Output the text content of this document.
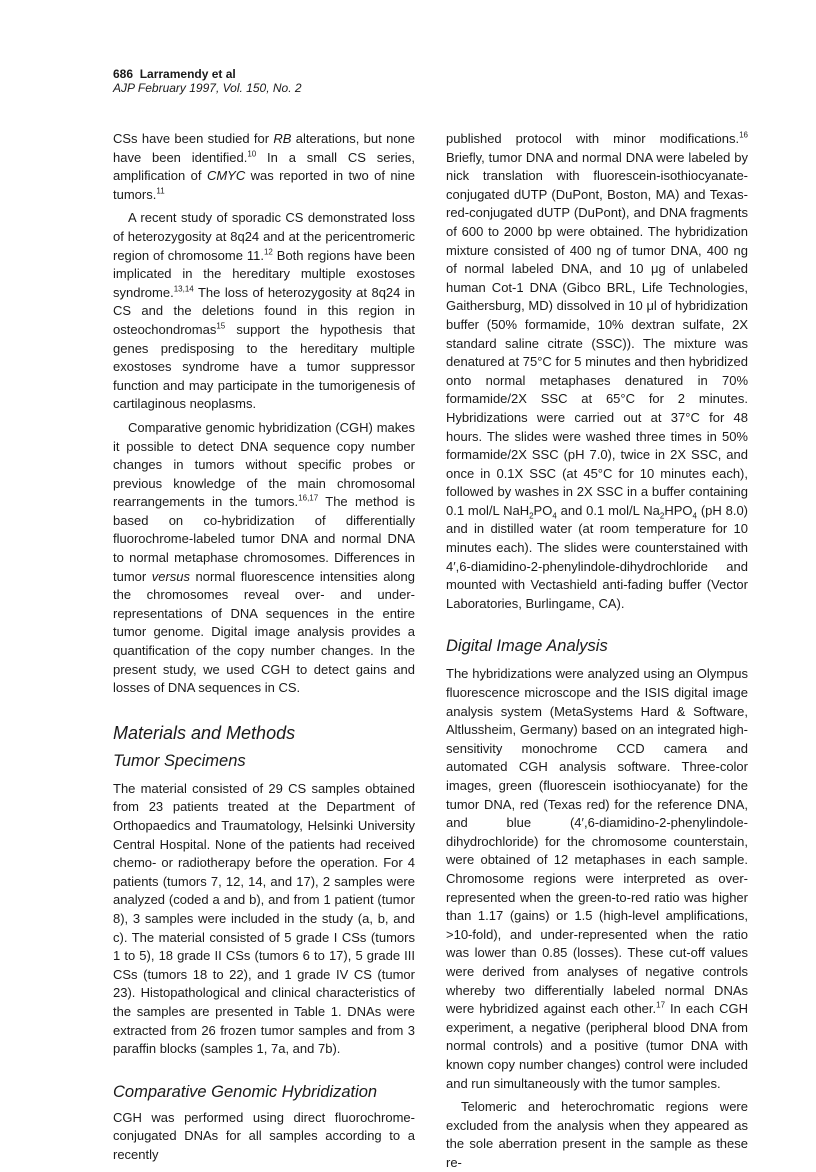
686 Larramendy et al
AJP February 1997, Vol. 150, No. 2

CSs have been studied for RB alterations, but none have been identified.$^{10}$ In a small CS series, amplification of CMYC was reported in two of nine tumors.$^{11}$

A recent study of sporadic CS demonstrated loss of heterozygosity at 8q24 and at the pericentromeric region of chromosome 11.12 Both regions have been implicated in the hereditary multiple exostoses syndrome.$^{13,14}$ The loss of heterozygosity at 8q24 in CS and the deletions found in this region in osteochondromas$^{15}$ support the hypothesis that genes predisposing to the hereditary multiple exostoses syndrome have a tumor suppressor function and may participate in the tumorigenesis of cartilaginous neoplasms.

Comparative genomic hybridization (CGH) makes it possible to detect DNA sequence copy number changes in tumors without specific probes or previous knowledge of the main chromosomal rearrangements in the tumors.$^{16,17}$ The method is based on co-hybridization of differentially fluorochrome-labeled tumor DNA and normal DNA to normal metaphase chromosomes. Differences in tumor versus normal fluorescence intensities along the chromosomes reveal over- and under-representations of DNA sequences in the entire tumor genome. Digital image analysis provides a quantification of the copy number changes. In the present study, we used CGH to detect gains and losses of DNA sequences in CS.

Materials and Methods
Tumor Specimens

The material consisted of 29 CS samples obtained from 23 patients treated at the Department of Orthopaedics and Traumatology, Helsinki University Central Hospital. None of the patients had received chemo- or radiotherapy before the operation. For 4 patients (tumors 7, 12, 14, and 17), 2 samples were analyzed (coded a and b), and from 1 patient (tumor 8), 3 samples were included in the study (a, b, and c). The material consisted of 5 grade I CSs (tumors 1 to 5), 18 grade II CSs (tumors 6 to 17), 5 grade III CSs (tumors 18 to 22), and 1 grade IV CS (tumor 23). Histopathological and clinical characteristics of the samples are presented in Table 1. DNAs were extracted from 26 frozen tumor samples and from 3 paraffin blocks (samples 1, 7a, and 7b).

Comparative Genomic Hybridization

CGH was performed using direct fluorochrome-conjugated DNAs for all samples according to a recently

published protocol with minor modifications.$^{16}$ Briefly, tumor DNA and normal DNA were labeled by nick translation with fluorescein-isothiocyanate-conjugated dUTP (DuPont, Boston, MA) and Texas-red-conjugated dUTP (DuPont), and DNA fragments of 600 to 2000 bp were obtained. The hybridization mixture consisted of 400 ng of tumor DNA, 400 ng of normal labeled DNA, and 10 μg of unlabeled human Cot-1 DNA (Gibco BRL, Life Technologies, Gaithersburg, MD) dissolved in 10 μl of hybridization buffer (50% formamide, 10% dextran sulfate, 2X standard saline citrate (SSC)). The mixture was denatured at 75°C for 5 minutes and then hybridized onto normal metaphases denatured in 70% formamide/2X SSC at 65°C for 2 minutes. Hybridizations were carried out at 37°C for 48 hours. The slides were washed three times in 50% formamide/2X SSC (pH 7.0), twice in 2X SSC, and once in 0.1X SSC (at 45°C for 10 minutes each), followed by washes in 2X SSC in a buffer containing 0.1 mol/L $NaH_2PO_4$ and 0.1 mol/L $Na_2HPO_4$ (pH 8.0) and in distilled water (at room temperature for 10 minutes each). The slides were counterstained with 4′,6-diamidino-2-phenylindole-dihydrochloride and mounted with Vectashield anti-fading buffer (Vector Laboratories, Burlingame, CA).

Digital Image Analysis

The hybridizations were analyzed using an Olympus fluorescence microscope and the ISIS digital image analysis system (MetaSystems Hard & Software, Altlussheim, Germany) based on an integrated high-sensitivity monochrome CCD camera and automated CGH analysis software. Three-color images, green (fluorescein isothiocyanate) for the tumor DNA, red (Texas red) for the reference DNA, and blue (4′,6-diamidino-2-phenylindole-dihydrochloride) for the chromosome counterstain, were obtained of 12 metaphases in each sample. Chromosome regions were interpreted as over-represented when the green-to-red ratio was higher than 1.17 (gains) or 1.5 (high-level amplifications, >10-fold), and under-represented when the ratio was lower than 0.85 (losses). These cut-off values were derived from analyses of negative controls whereby two differentially labeled normal DNAs were hybridized against each other.$^{17}$ In each CGH experiment, a negative (peripheral blood DNA from normal controls) and a positive (tumor DNA with known copy number changes) control were included and run simultaneously with the tumor samples.

Telomeric and heterochromatic regions were excluded from the analysis when they appeared as the sole aberration present in the sample as these re-
